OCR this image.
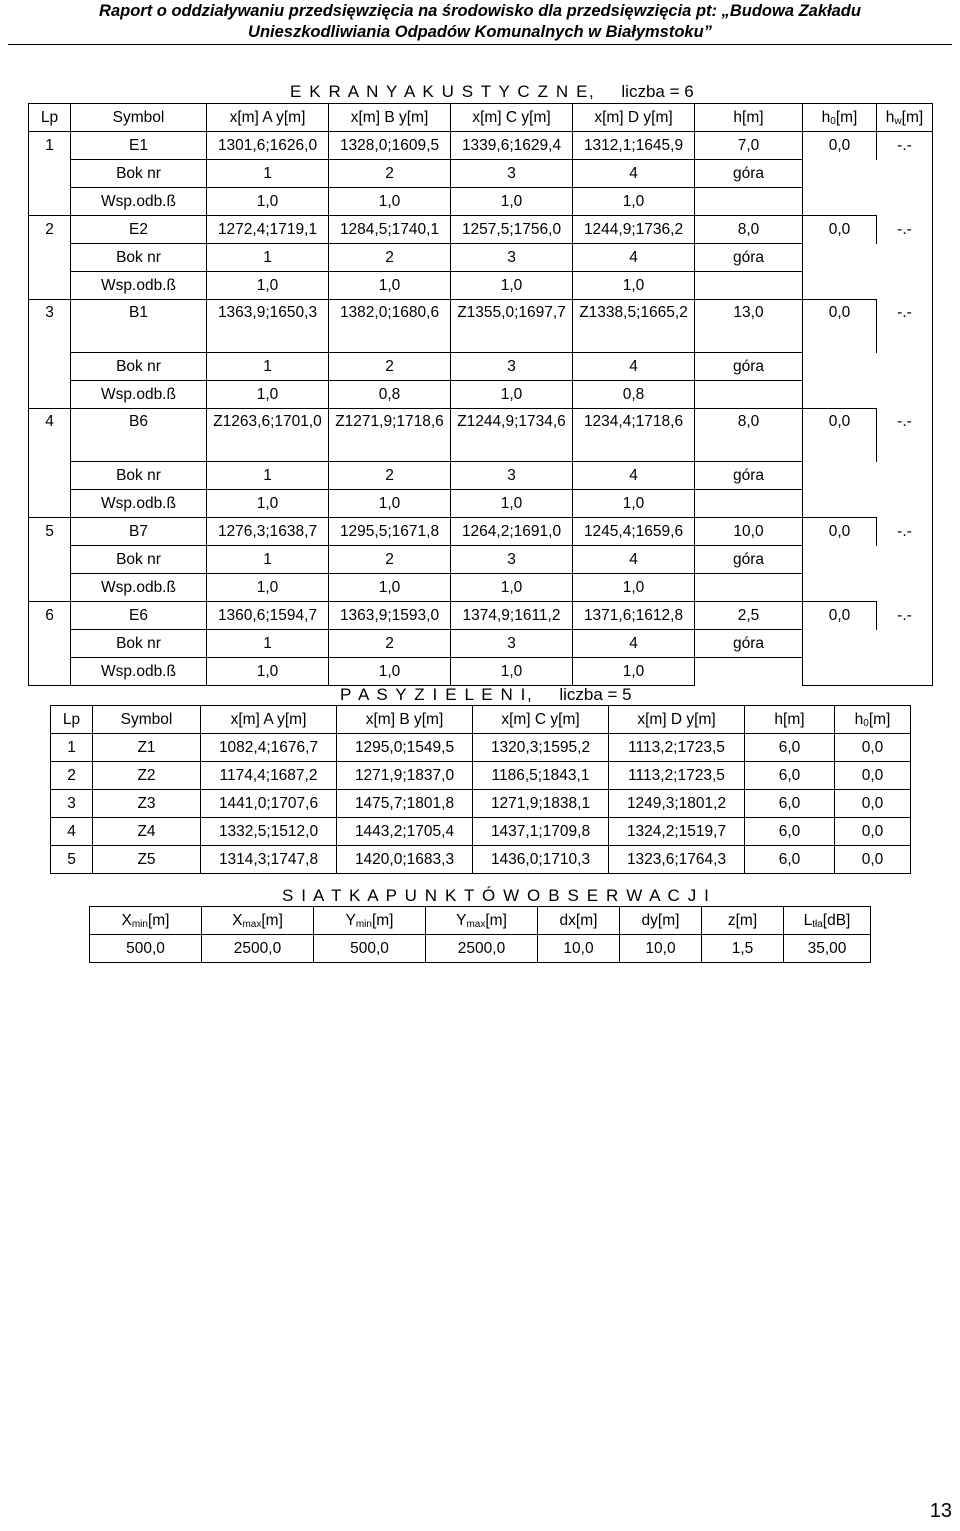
Raport o oddziaływaniu przedsięwzięcia na środowisko dla przedsięwzięcia pt: „Budowa Zakładu
Unieszkodliwiania Odpadów Komunalnych w Białymstoku”
E K R A N Y A K U S T Y C Z N E, liczba = 6
Lp	Symbol	x[m] A y[m]	x[m] B y[m]	x[m] C y[m]	x[m] D y[m]	h[m]	$h_0[m]$	$h_w[m]$
1	E1	1301,6;1626,0	1328,0;1609,5	1339,6;1629,4	1312,1;1645,9	7,0	0,0	-.-
	Bok nr	1	2	3	4	góra		
	Wsp.odb.ß	1,0	1,0	1,0	1,0			
2	E2	1272,4;1719,1	1284,5;1740,1	1257,5;1756,0	1244,9;1736,2	8,0	0,0	-.-
	Bok nr	1	2	3	4	góra		
	Wsp.odb.ß	1,0	1,0	1,0	1,0			
3	B1	1363,9;1650,3	1382,0;1680,6	Z1355,0;1697,7	Z1338,5;1665,2	13,0	0,0	-.-
	Bok nr	1	2	3	4	góra		
	Wsp.odb.ß	1,0	0,8	1,0	0,8			
4	B6	Z1263,6;1701,0	Z1271,9;1718,6	Z1244,9;1734,6	1234,4;1718,6	8,0	0,0	-.-
	Bok nr	1	2	3	4	góra		
	Wsp.odb.ß	1,0	1,0	1,0	1,0			
5	B7	1276,3;1638,7	1295,5;1671,8	1264,2;1691,0	1245,4;1659,6	10,0	0,0	-.-
	Bok nr	1	2	3	4	góra		
	Wsp.odb.ß	1,0	1,0	1,0	1,0			
6	E6	1360,6;1594,7	1363,9;1593,0	1374,9;1611,2	1371,6;1612,8	2,5	0,0	-.-
	Bok nr	1	2	3	4	góra		
	Wsp.odb.ß	1,0	1,0	1,0	1,0			
P A S Y Z I E L E N I, liczba = 5
Lp	Symbol	x[m] A y[m]	x[m] B y[m]	x[m] C y[m]	x[m] D y[m]	h[m]	$h_0[m]$
1	Z1	1082,4;1676,7	1295,0;1549,5	1320,3;1595,2	1113,2;1723,5	6,0	0,0
2	Z2	1174,4;1687,2	1271,9;1837,0	1186,5;1843,1	1113,2;1723,5	6,0	0,0
3	Z3	1441,0;1707,6	1475,7;1801,8	1271,9;1838,1	1249,3;1801,2	6,0	0,0
4	Z4	1332,5;1512,0	1443,2;1705,4	1437,1;1709,8	1324,2;1519,7	6,0	0,0
5	Z5	1314,3;1747,8	1420,0;1683,3	1436,0;1710,3	1323,6;1764,3	6,0	0,0
S I A T K A P U N K T Ó W O B S E R W A C J I
$X_{min}[m]$	$X_{max}[m]$	$Y_{min}[m]$	$Y_{max}[m]$	dx[m]	dy[m]	z[m]	$L_{tła}[dB]$
500,0	2500,0	500,0	2500,0	10,0	10,0	1,5	35,00
13
